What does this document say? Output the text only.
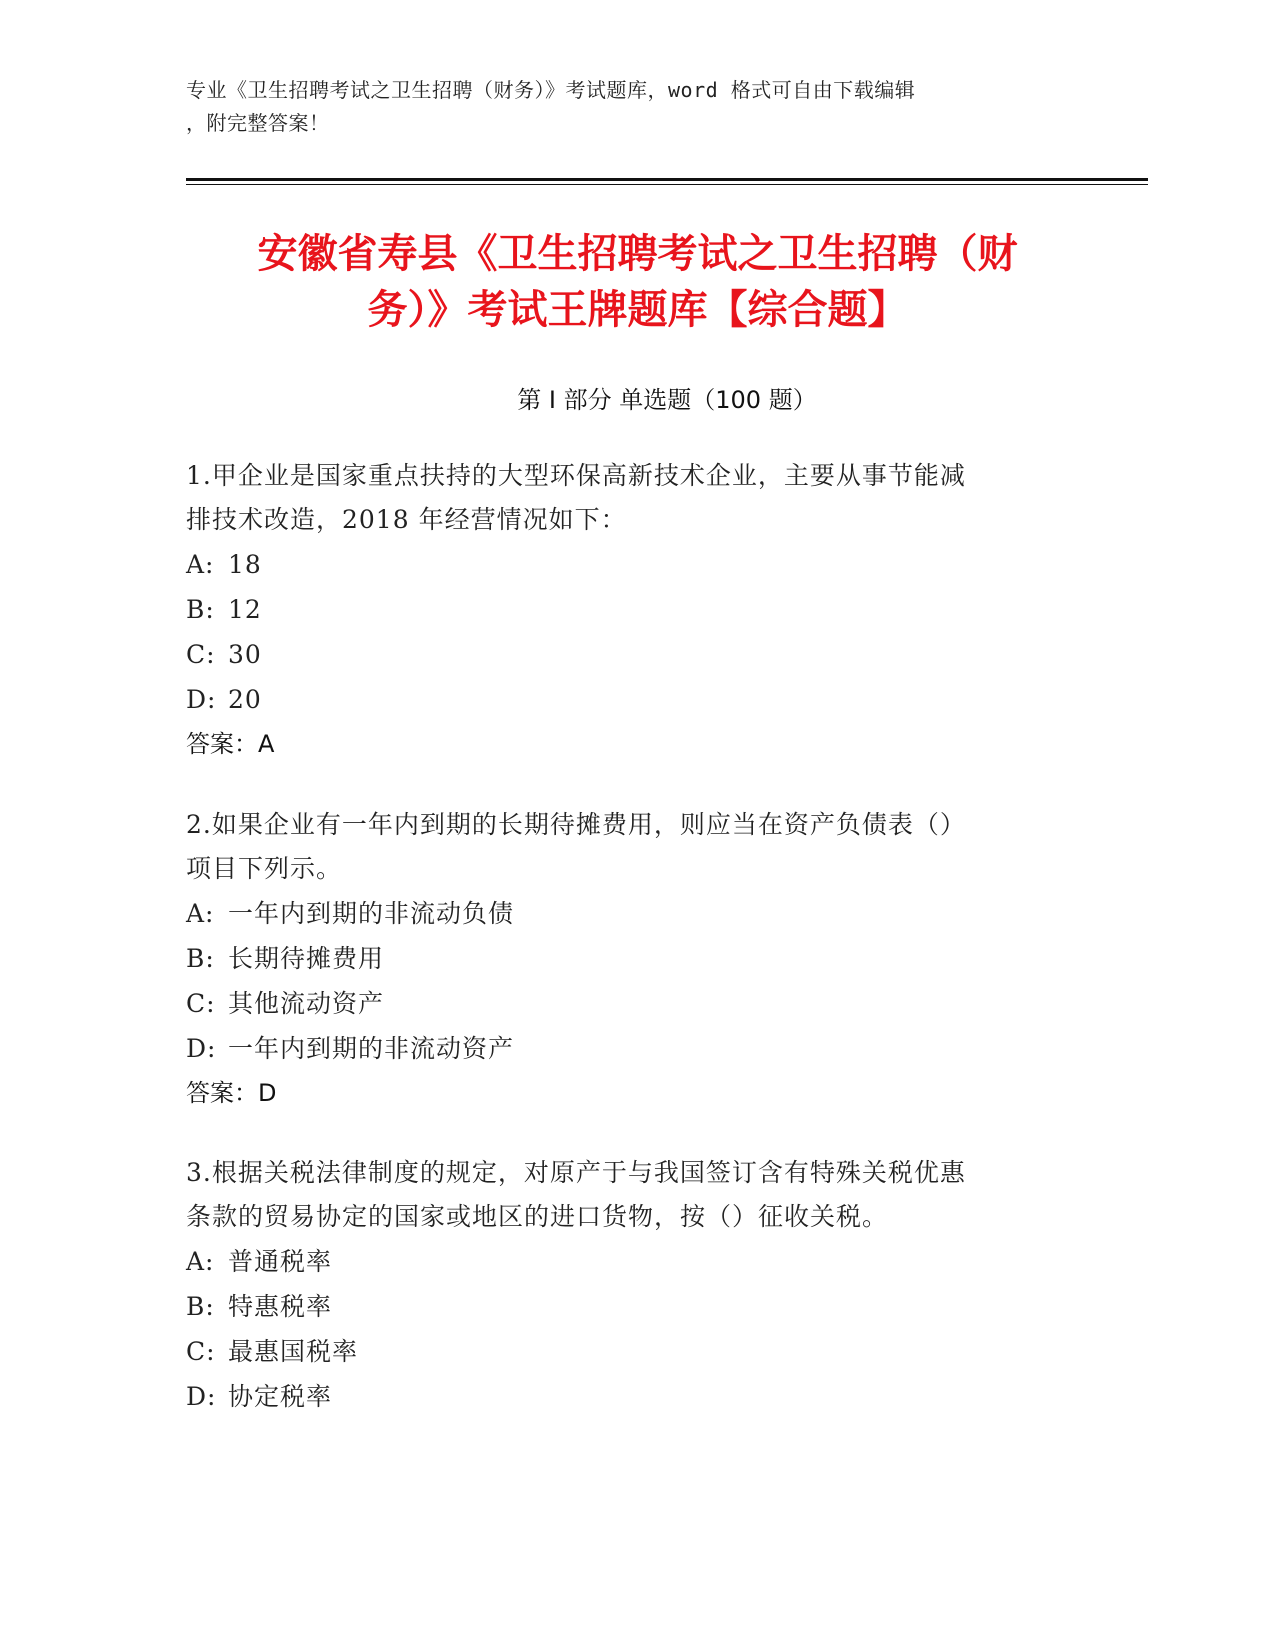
专业《卫生招聘考试之卫生招聘（财务）》考试题库，word 格式可自由下载编辑
，附完整答案！
安徽省寿县《卫生招聘考试之卫生招聘（财
务）》考试王牌题库【综合题】
第 I 部分 单选题（100 题）
1.甲企业是国家重点扶持的大型环保高新技术企业，主要从事节能减
排技术改造，2018 年经营情况如下：
A: 18
B: 12
C: 30
D: 20
答案：A
2.如果企业有一年内到期的长期待摊费用，则应当在资产负债表（）
项目下列示。
A: 一年内到期的非流动负债
B: 长期待摊费用
C: 其他流动资产
D: 一年内到期的非流动资产
答案：D
3.根据关税法律制度的规定，对原产于与我国签订含有特殊关税优惠
条款的贸易协定的国家或地区的进口货物，按（）征收关税。
A: 普通税率
B: 特惠税率
C: 最惠国税率
D: 协定税率
